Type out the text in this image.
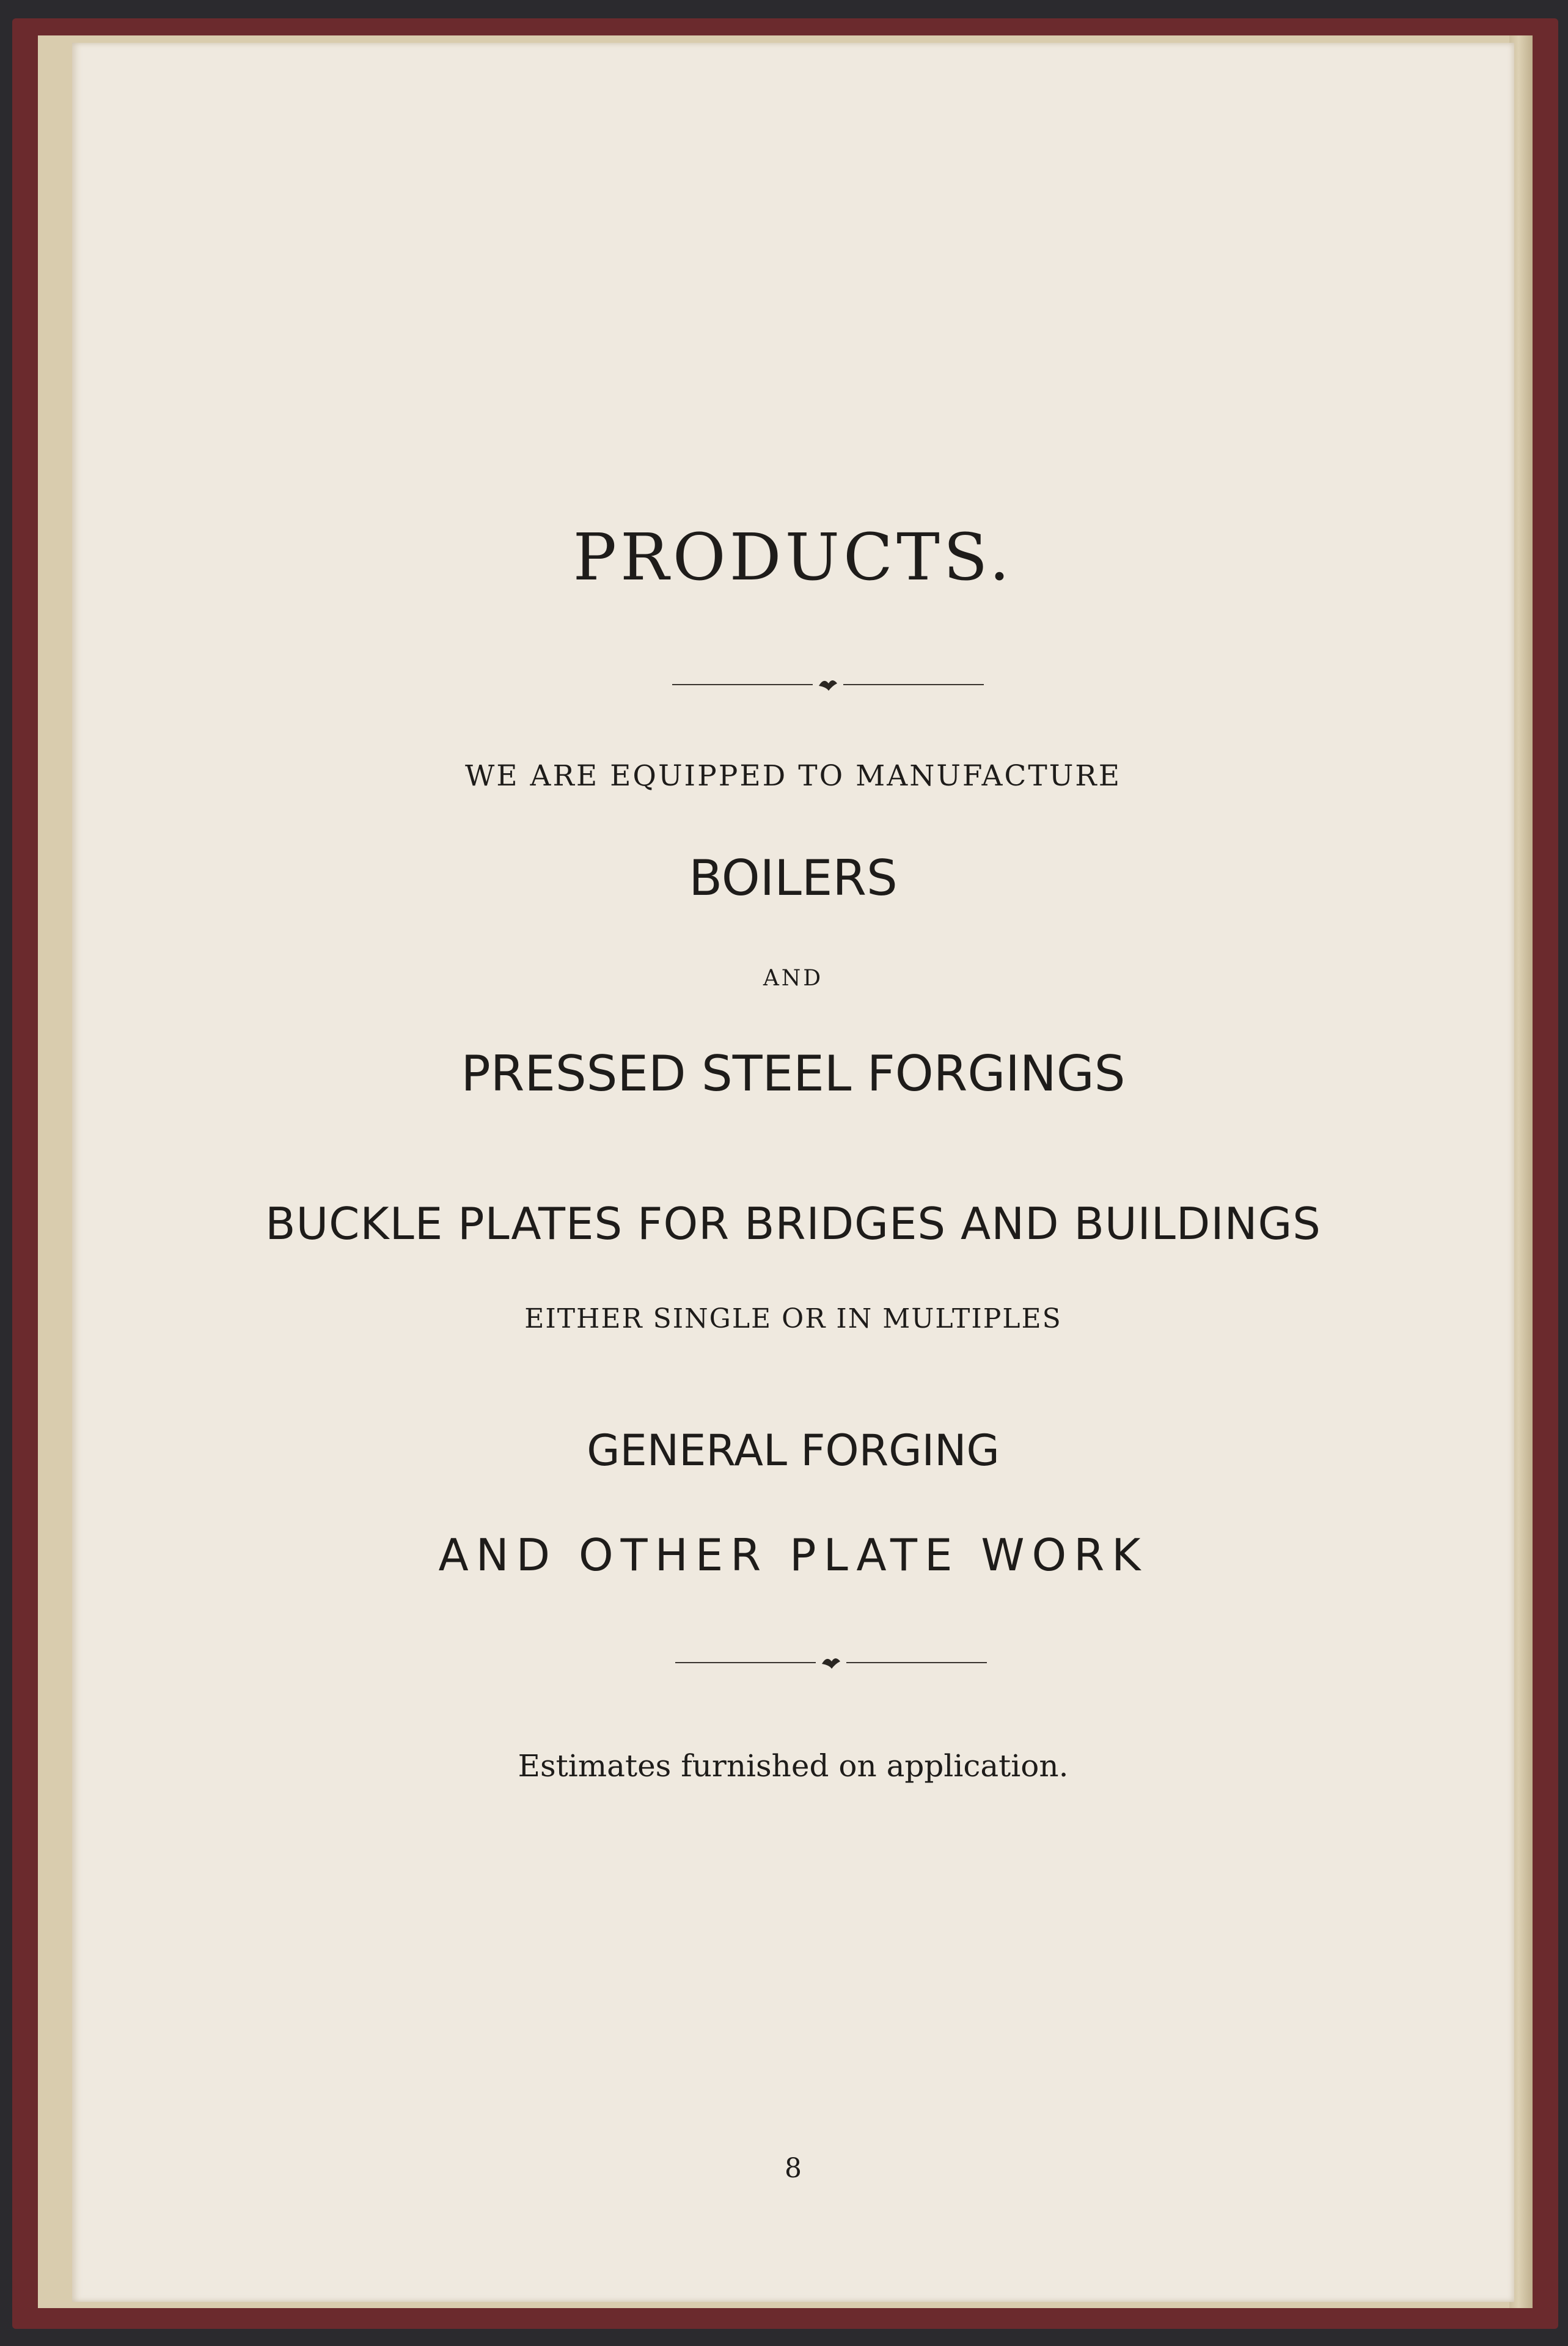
PRODUCTS.
WE ARE EQUIPPED TO MANUFACTURE
BOILERS
AND
PRESSED STEEL FORGINGS
BUCKLE PLATES FOR BRIDGES AND BUILDINGS
EITHER SINGLE OR IN MULTIPLES
GENERAL FORGING
AND OTHER PLATE WORK
Estimates furnished on application.
8
